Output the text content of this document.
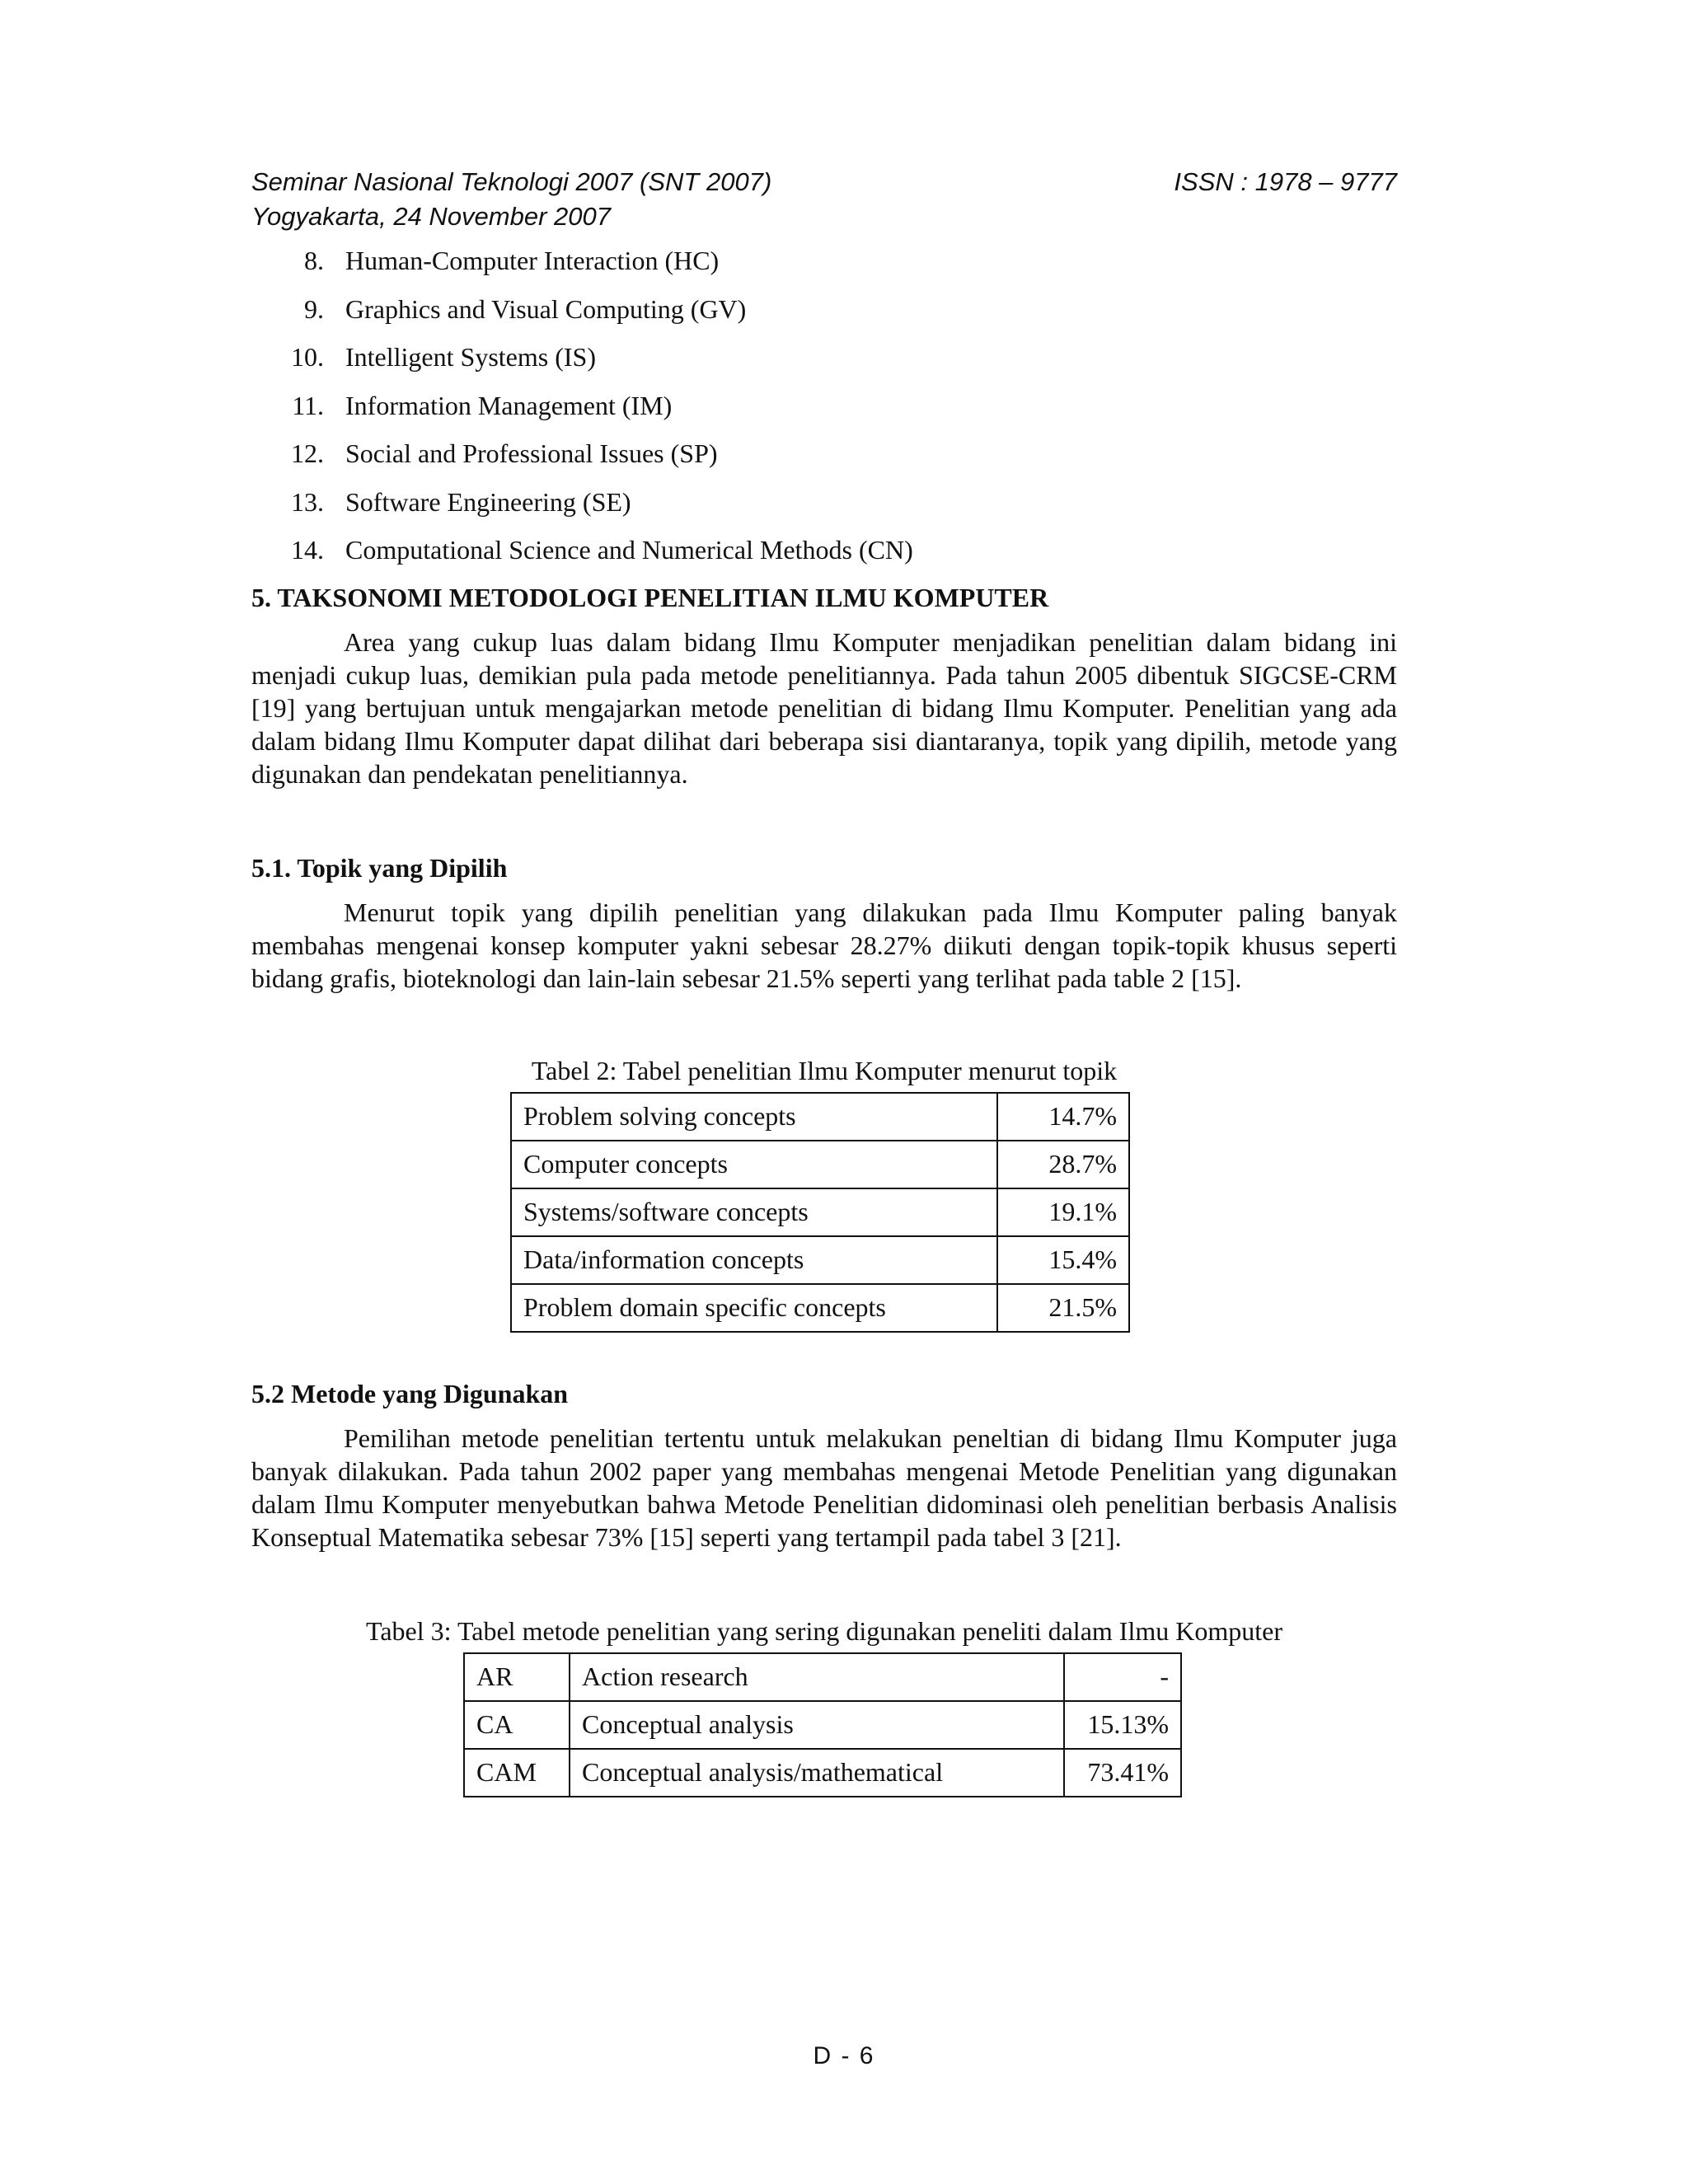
Seminar Nasional Teknologi 2007 (SNT 2007)
Yogyakarta, 24 November 2007
ISSN : 1978 – 9777
8. Human-Computer Interaction (HC)
9. Graphics and Visual Computing (GV)
10. Intelligent Systems (IS)
11. Information Management (IM)
12. Social and Professional Issues (SP)
13. Software Engineering (SE)
14. Computational Science and Numerical Methods (CN)
5. TAKSONOMI METODOLOGI PENELITIAN ILMU KOMPUTER

Area yang cukup luas dalam bidang Ilmu Komputer menjadikan penelitian dalam bidang ini menjadi cukup luas, demikian pula pada metode penelitiannya. Pada tahun 2005 dibentuk SIGCSE-CRM [19] yang bertujuan untuk mengajarkan metode penelitian di bidang Ilmu Komputer. Penelitian yang ada dalam bidang Ilmu Komputer dapat dilihat dari beberapa sisi diantaranya, topik yang dipilih, metode yang digunakan dan pendekatan penelitiannya.

5.1. Topik yang Dipilih

Menurut topik yang dipilih penelitian yang dilakukan pada Ilmu Komputer paling banyak membahas mengenai konsep komputer yakni sebesar 28.27% diikuti dengan topik-topik khusus seperti bidang grafis, bioteknologi dan lain-lain sebesar 21.5% seperti yang terlihat pada table 2 [15].

Tabel 2: Tabel penelitian Ilmu Komputer menurut topik
Problem solving concepts	14.7%
Computer concepts	28.7%
Systems/software concepts	19.1%
Data/information concepts	15.4%
Problem domain specific concepts	21.5%
5.2 Metode yang Digunakan

Pemilihan metode penelitian tertentu untuk melakukan peneltian di bidang Ilmu Komputer juga banyak dilakukan. Pada tahun 2002 paper yang membahas mengenai Metode Penelitian yang digunakan dalam Ilmu Komputer menyebutkan bahwa Metode Penelitian didominasi oleh penelitian berbasis Analisis Konseptual Matematika sebesar 73% [15] seperti yang tertampil pada tabel 3 [21].

Tabel 3: Tabel metode penelitian yang sering digunakan peneliti dalam Ilmu Komputer
AR	Action research	-
CA	Conceptual analysis	15.13%
CAM	Conceptual analysis/mathematical	73.41%
D - 6
